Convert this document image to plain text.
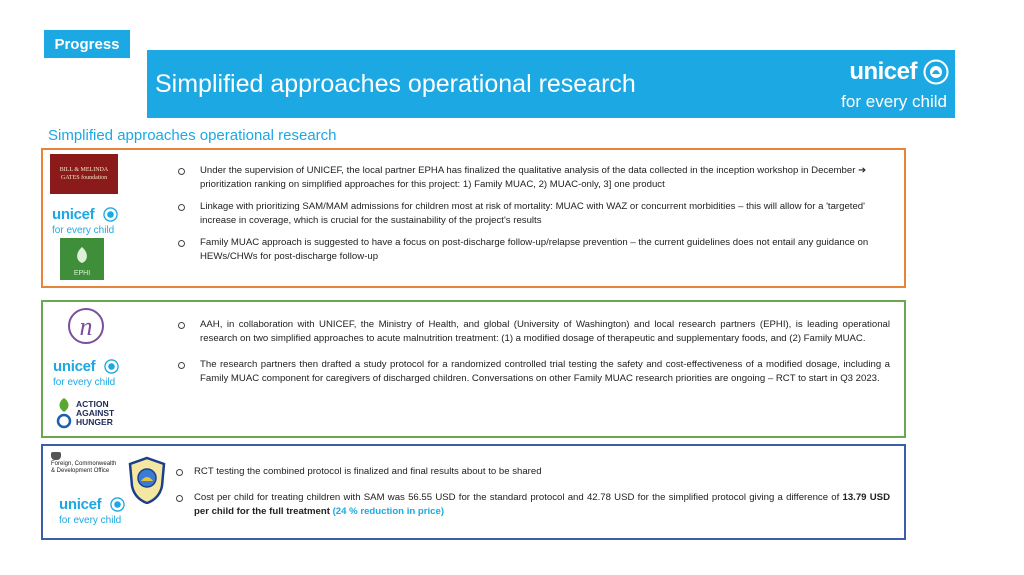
Progress
Simplified approaches operational research	unicef
for every child
Simplified approaches operational research
BILL & MELINDA GATES foundation
unicef
for every child
EPHI
Under the supervision of UNICEF, the local partner EPHA has finalized the qualitative analysis of the data collected in the inception workshop in December ➔ prioritization ranking on simplified approaches for this project: 1) Family MUAC, 2) MUAC-only, 3] one product
Linkage with prioritizing SAM/MAM admissions for children most at risk of mortality: MUAC with WAZ or concurrent morbidities – this will allow for a 'targeted' increase in coverage, which is crucial for the sustainability of the project's results
Family MUAC approach is suggested to have a focus on post-discharge follow-up/relapse prevention – the current guidelines does not entail any guidance on HEWs/CHWs for post-discharge follow-up
n
unicef
for every child
ACTION
AGAINST
HUNGER
AAH, in collaboration with UNICEF, the Ministry of Health, and global (University of Washington) and local research partners (EPHI), is leading operational research on two simplified approaches to acute malnutrition treatment: (1) a modified dosage of therapeutic and supplementary foods, and (2) Family MUAC.
The research partners then drafted a study protocol for a randomized controlled trial testing the safety and cost-effectiveness of a modified dosage, including a Family MUAC component for caregivers of discharged children. Conversations on other Family MUAC research priorities are ongoing – RCT to start in Q3 2023.
Foreign, Commonwealth
& Development Office
unicef
for every child
RCT testing the combined protocol is finalized and final results about to be shared
Cost per child for treating children with SAM was 56.55 USD for the standard protocol and 42.78 USD for the simplified protocol giving a difference of 13.79 USD per child for the full treatment (24 % reduction in price)
